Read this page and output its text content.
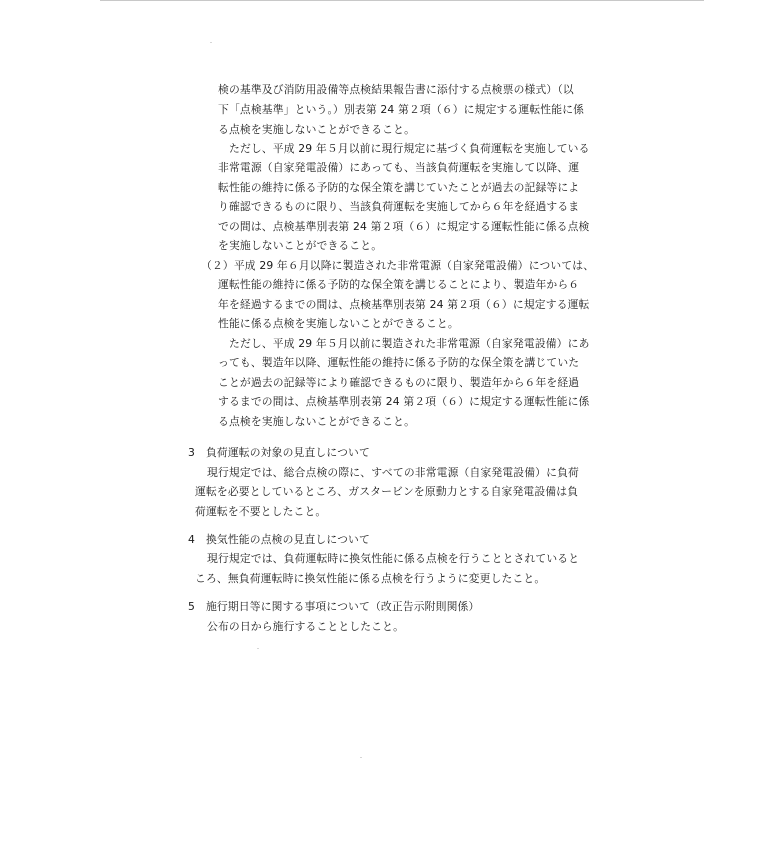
検の基準及び消防用設備等点検結果報告書に添付する点検票の様式）（以

下「点検基準」という。）別表第 24 第２項（６）に規定する運転性能に係

る点検を実施しないことができること。

ただし、平成 29 年５月以前に現行規定に基づく負荷運転を実施している

非常電源（自家発電設備）にあっても、当該負荷運転を実施して以降、運

転性能の維持に係る予防的な保全策を講じていたことが過去の記録等によ

り確認できるものに限り、当該負荷運転を実施してから６年を経過するま

での間は、点検基準別表第 24 第２項（６）に規定する運転性能に係る点検

を実施しないことができること。

（２）平成 29 年６月以降に製造された非常電源（自家発電設備）については、

運転性能の維持に係る予防的な保全策を講じることにより、製造年から６

年を経過するまでの間は、点検基準別表第 24 第２項（６）に規定する運転

性能に係る点検を実施しないことができること。

ただし、平成 29 年５月以前に製造された非常電源（自家発電設備）にあ

っても、製造年以降、運転性能の維持に係る予防的な保全策を講じていた

ことが過去の記録等により確認できるものに限り、製造年から６年を経過

するまでの間は、点検基準別表第 24 第２項（６）に規定する運転性能に係

る点検を実施しないことができること。

3　負荷運転の対象の見直しについて

現行規定では、総合点検の際に、すべての非常電源（自家発電設備）に負荷

運転を必要としているところ、ガスタービンを原動力とする自家発電設備は負

荷運転を不要としたこと。

4　換気性能の点検の見直しについて

現行規定では、負荷運転時に換気性能に係る点検を行うこととされていると

ころ、無負荷運転時に換気性能に係る点検を行うように変更したこと。

5　施行期日等に関する事項について（改正告示附則関係）

公布の日から施行することとしたこと。
